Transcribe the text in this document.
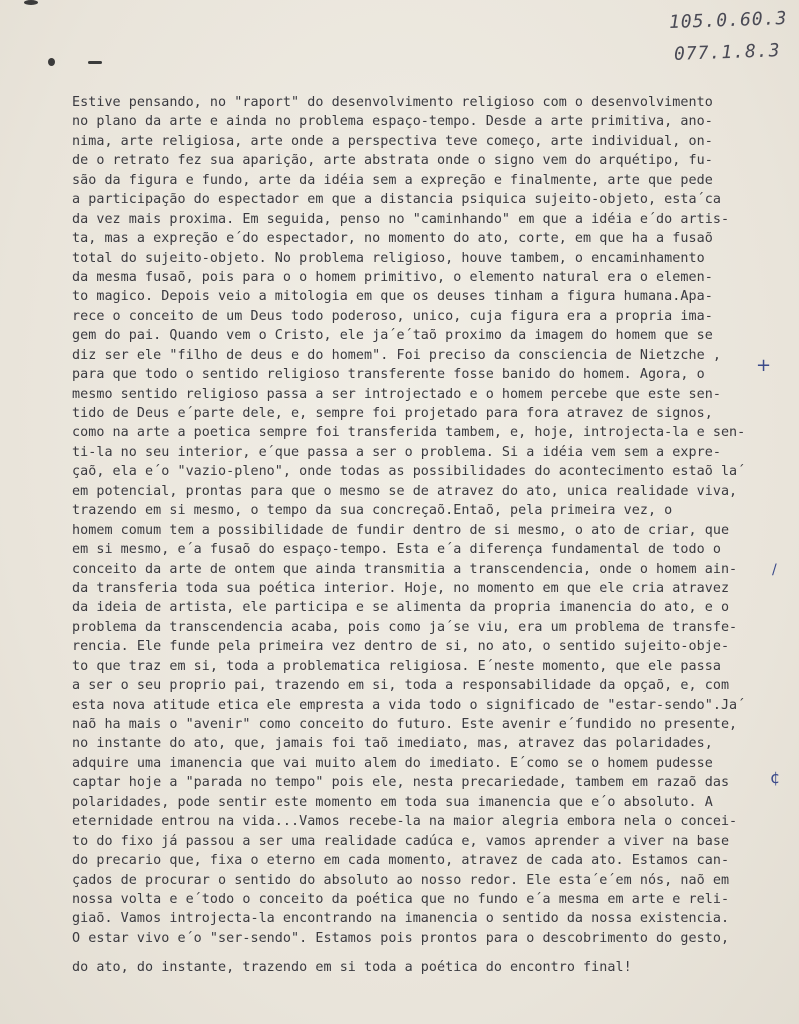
105.0.60.3
077.1.8.3
Estive pensando, no "raport" do desenvolvimento religioso com o desenvolvimento
no plano da arte e ainda no problema espaço-tempo. Desde a arte primitiva, ano-
nima, arte religiosa, arte onde a perspectiva teve começo, arte individual, on-
de o retrato fez sua aparição, arte abstrata onde o signo vem do arquétipo, fu-
são da figura e fundo, arte da idéia sem a expreção e finalmente, arte que pede
a participação do espectador em que a distancia psiquica sujeito-objeto, esta´ca
da vez mais proxima. Em seguida, penso no "caminhando" em que a idéia e´do artis-
ta, mas a expreção e´do espectador, no momento do ato, corte, em que ha a fusaõ
total do sujeito-objeto. No problema religioso, houve tambem, o encaminhamento
da mesma fusaõ, pois para o o homem primitivo, o elemento natural era o elemen-
to magico. Depois veio a mitologia em que os deuses tinham a figura humana.Apa-
rece o conceito de um Deus todo poderoso, unico, cuja figura era a propria ima-
gem do pai. Quando vem o Cristo, ele ja´e´taõ proximo da imagem do homem que se
diz ser ele "filho de deus e do homem". Foi preciso da consciencia de Nietzche ,
para que todo o sentido religioso transferente fosse banido do homem. Agora, o
mesmo sentido religioso passa a ser introjectado e o homem percebe que este sen-
tido de Deus e´parte dele, e, sempre foi projetado para fora atravez de signos,
como na arte a poetica sempre foi transferida tambem, e, hoje, introjecta-la e sen-
ti-la no seu interior, e´que passa a ser o problema. Si a idéia vem sem a expre-
çaõ, ela e´o "vazio-pleno", onde todas as possibilidades do acontecimento estaõ la´
em potencial, prontas para que o mesmo se de atravez do ato, unica realidade viva,
trazendo em si mesmo, o tempo da sua concreçaõ.Entaõ, pela primeira vez, o
homem comum tem a possibilidade de fundir dentro de si mesmo, o ato de criar, que
em si mesmo, e´a fusaõ do espaço-tempo. Esta e´a diferença fundamental de todo o
conceito da arte de ontem que ainda transmitia a transcendencia, onde o homem ain-
da transferia toda sua poética interior. Hoje, no momento em que ele cria atravez
da ideia de artista, ele participa e se alimenta da propria imanencia do ato, e o
problema da transcendencia acaba, pois como ja´se viu, era um problema de transfe-
rencia. Ele funde pela primeira vez dentro de si, no ato, o sentido sujeito-obje-
to que traz em si, toda a problematica religiosa. E´neste momento, que ele passa
a ser o seu proprio pai, trazendo em si, toda a responsabilidade da opçaõ, e, com
esta nova atitude etica ele empresta a vida todo o significado de "estar-sendo".Ja´
naõ ha mais o "avenir" como conceito do futuro. Este avenir e´fundido no presente,
no instante do ato, que, jamais foi taõ imediato, mas, atravez das polaridades,
adquire uma imanencia que vai muito alem do imediato. E´como se o homem pudesse
captar hoje a "parada no tempo" pois ele, nesta precariedade, tambem em razaõ das
polaridades, pode sentir este momento em toda sua imanencia que e´o absoluto. A
eternidade entrou na vida...Vamos recebe-la na maior alegria embora nela o concei-
to do fixo já passou a ser uma realidade cadúca e, vamos aprender a viver na base
do precario que, fixa o eterno em cada momento, atravez de cada ato. Estamos can-
çados de procurar o sentido do absoluto ao nosso redor. Ele esta´e´em nós, naõ em
nossa volta e e´todo o conceito da poética que no fundo e´a mesma em arte e reli-
giaõ. Vamos introjecta-la encontrando na imanencia o sentido da nossa existencia.
O estar vivo e´o "ser-sendo". Estamos pois prontos para o descobrimento do gesto,
do ato, do instante, trazendo em si toda a poética do encontro final!
+
/
¢
